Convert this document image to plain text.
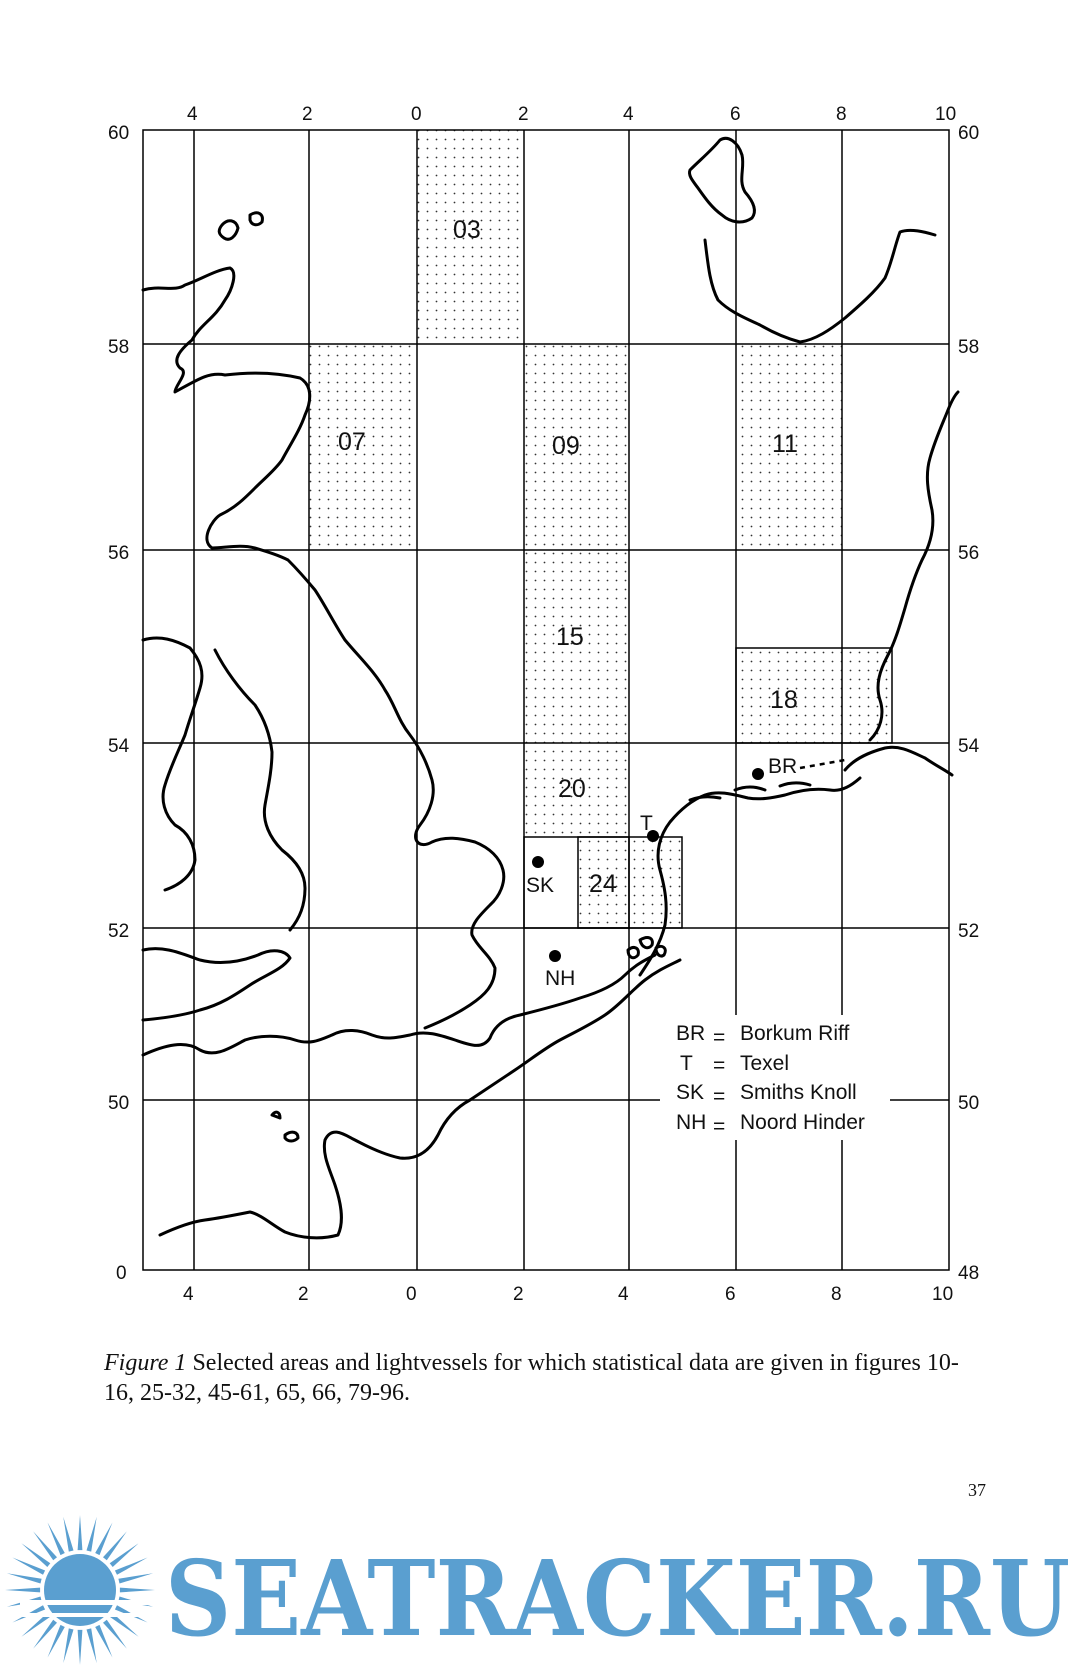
4	2	0	2	4	6	8	10
4	2	0	2	4	6	8	10
60
58
56
54
52
50
0
60
58
56
54
52
50
48
03
07	09	11
15
18
20
24
BR
T
SK
NH
BR = Borkum Riff
T = Texel
SK = Smiths Knoll
NH = Noord Hinder
Figure 1 Selected areas and lightvessels for which statistical data are given in figures 10-16, 25-32, 45-61, 65, 66, 79-96.
37
SEATRACKER.RU
